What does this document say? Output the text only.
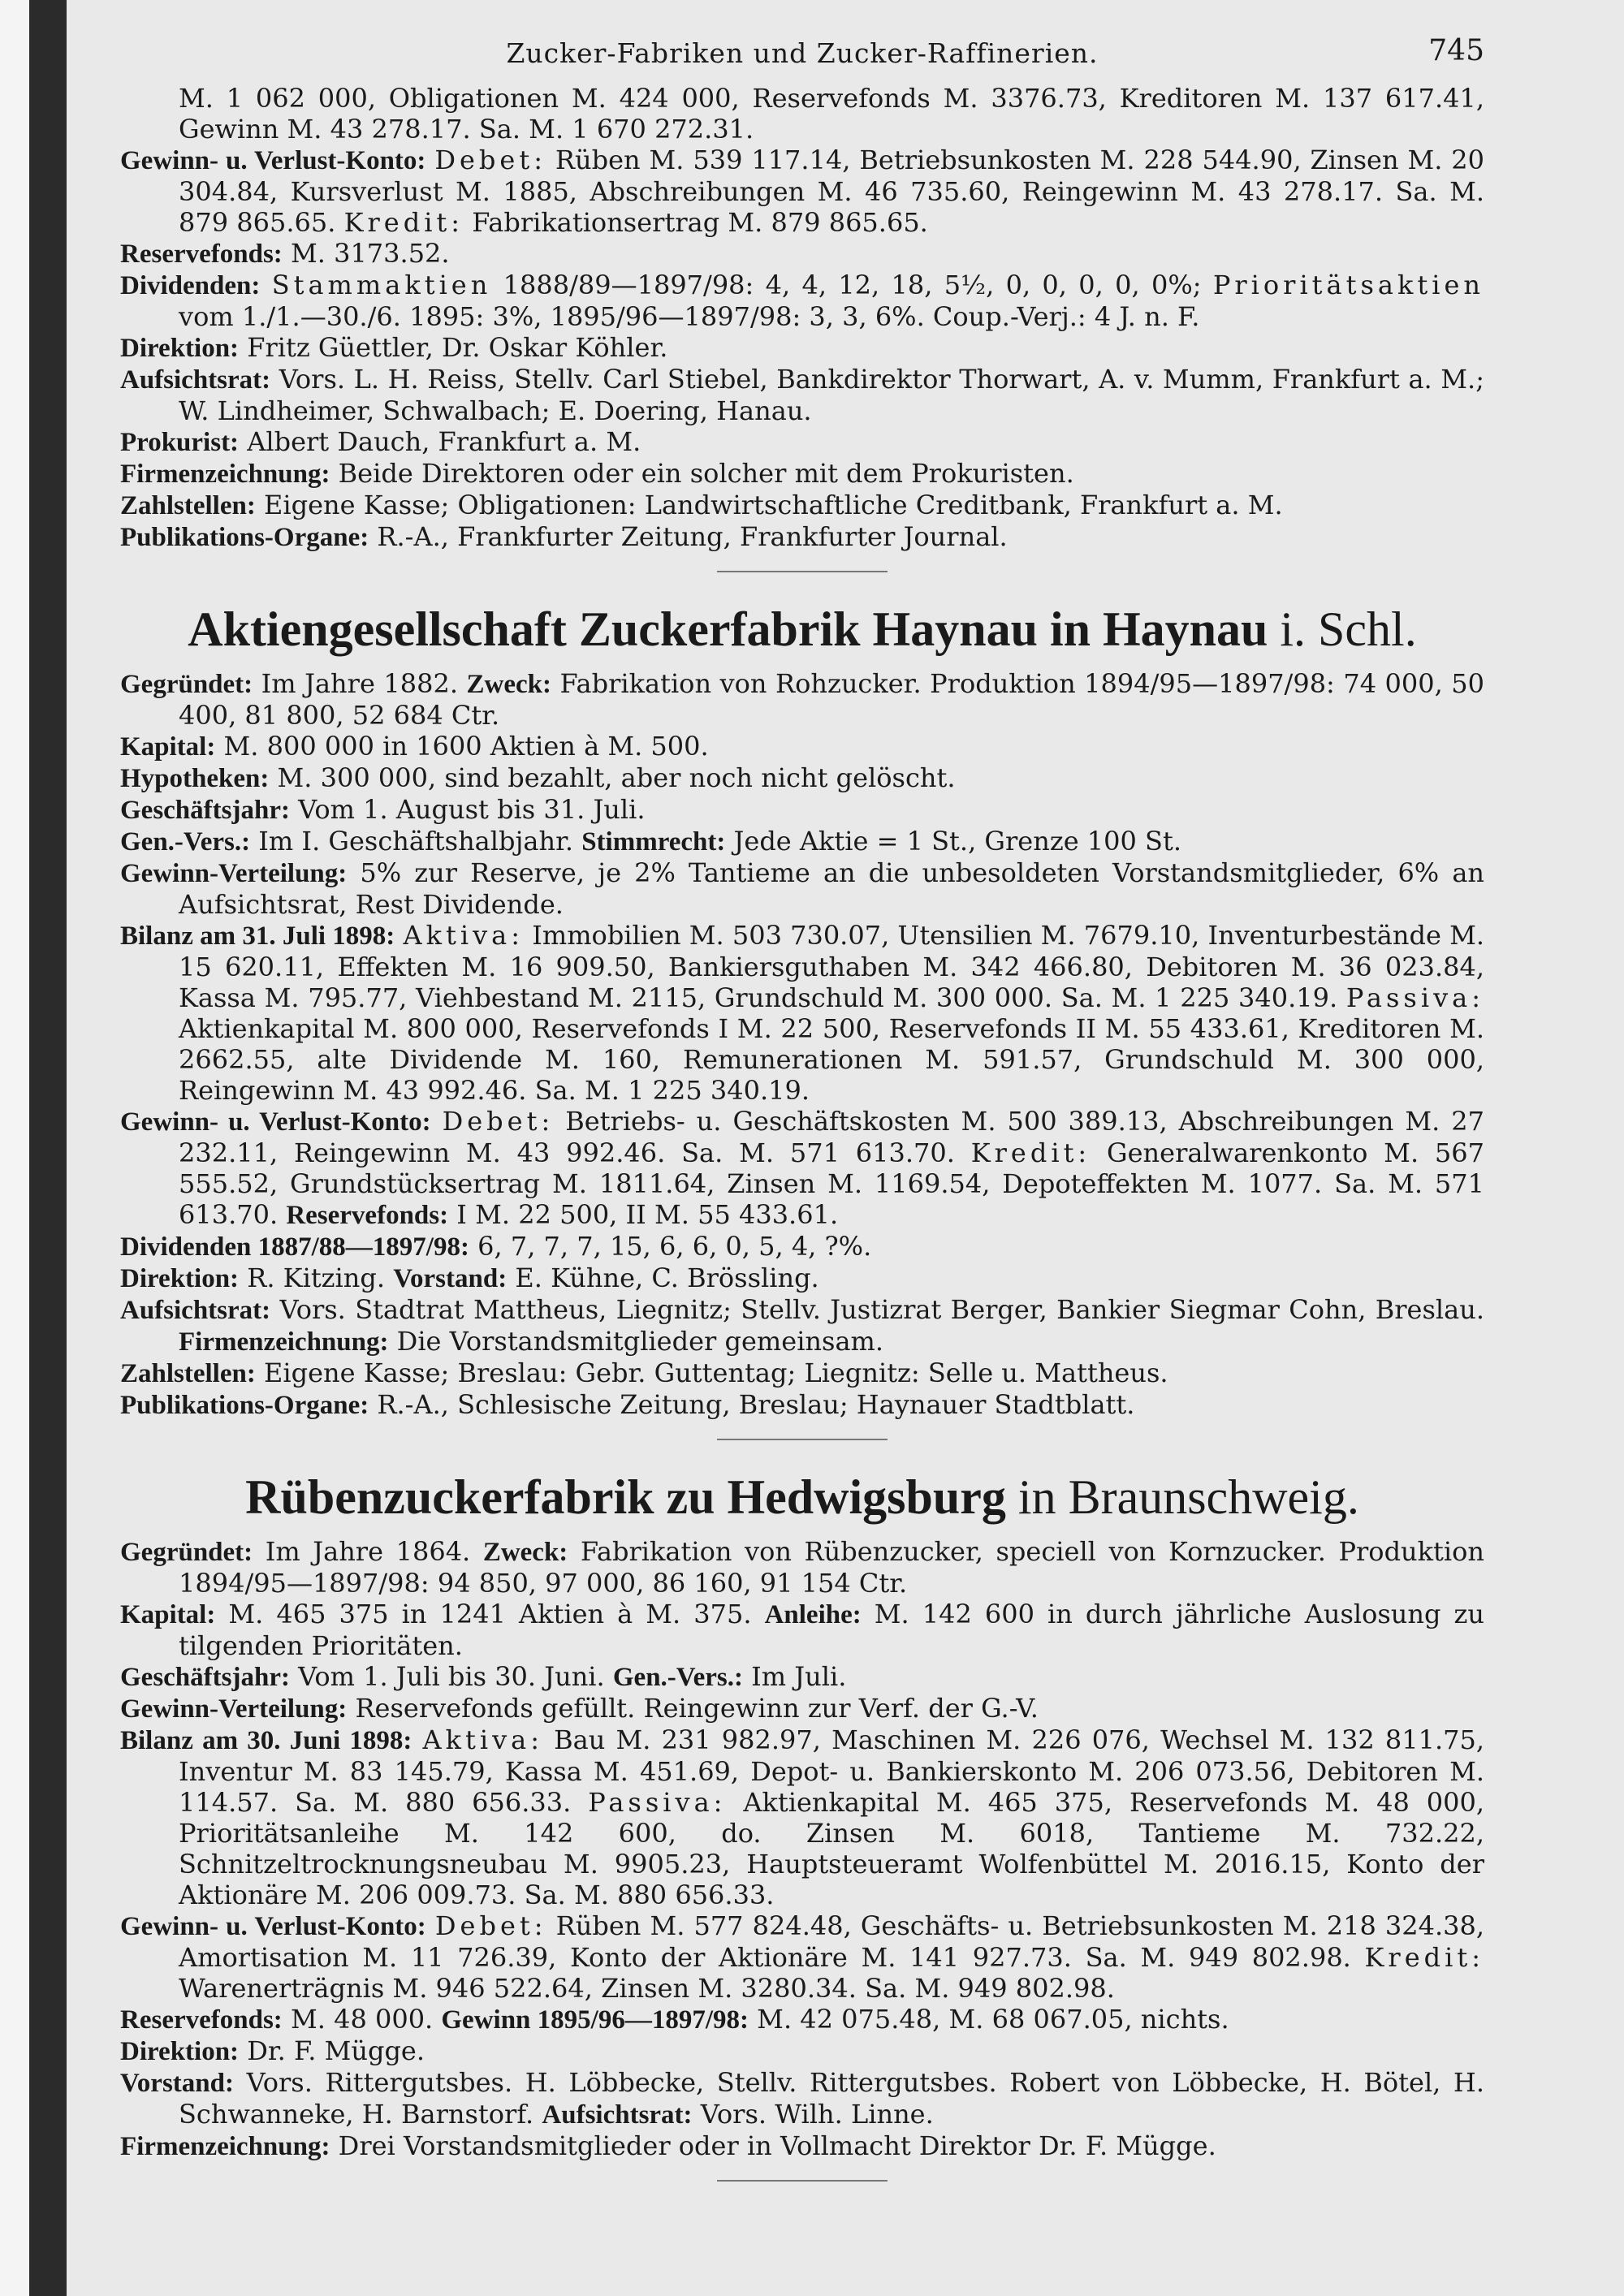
Zucker-Fabriken und Zucker-Raffinerien.	745

M. 1 062 000, Obligationen M. 424 000, Reservefonds M. 3376.73, Kreditoren M. 137 617.41, Gewinn M. 43 278.17. Sa. M. 1 670 272.31.

Gewinn- u. Verlust-Konto: Debet: Rüben M. 539 117.14, Betriebsunkosten M. 228 544.90, Zinsen M. 20 304.84, Kursverlust M. 1885, Abschreibungen M. 46 735.60, Reingewinn M. 43 278.17. Sa. M. 879 865.65. Kredit: Fabrikationsertrag M. 879 865.65.

Reservefonds: M. 3173.52.

Dividenden: Stammaktien 1888/89—1897/98: 4, 4, 12, 18, 5½, 0, 0, 0, 0, 0%; Prioritätsaktien vom 1./1.—30./6. 1895: 3%, 1895/96—1897/98: 3, 3, 6%. Coup.-Verj.: 4 J. n. F.

Direktion: Fritz Güettler, Dr. Oskar Köhler.

Aufsichtsrat: Vors. L. H. Reiss, Stellv. Carl Stiebel, Bankdirektor Thorwart, A. v. Mumm, Frankfurt a. M.; W. Lindheimer, Schwalbach; E. Doering, Hanau.

Prokurist: Albert Dauch, Frankfurt a. M.

Firmenzeichnung: Beide Direktoren oder ein solcher mit dem Prokuristen.

Zahlstellen: Eigene Kasse; Obligationen: Landwirtschaftliche Creditbank, Frankfurt a. M.

Publikations-Organe: R.-A., Frankfurter Zeitung, Frankfurter Journal.

Aktiengesellschaft Zuckerfabrik Haynau in Haynau i. Schl.

Gegründet: Im Jahre 1882. Zweck: Fabrikation von Rohzucker. Produktion 1894/95—1897/98: 74 000, 50 400, 81 800, 52 684 Ctr.

Kapital: M. 800 000 in 1600 Aktien à M. 500.

Hypotheken: M. 300 000, sind bezahlt, aber noch nicht gelöscht.

Geschäftsjahr: Vom 1. August bis 31. Juli.

Gen.-Vers.: Im I. Geschäftshalbjahr. Stimmrecht: Jede Aktie = 1 St., Grenze 100 St.

Gewinn-Verteilung: 5% zur Reserve, je 2% Tantieme an die unbesoldeten Vorstandsmitglieder, 6% an Aufsichtsrat, Rest Dividende.

Bilanz am 31. Juli 1898: Aktiva: Immobilien M. 503 730.07, Utensilien M. 7679.10, Inventurbestände M. 15 620.11, Effekten M. 16 909.50, Bankiersguthaben M. 342 466.80, Debitoren M. 36 023.84, Kassa M. 795.77, Viehbestand M. 2115, Grundschuld M. 300 000. Sa. M. 1 225 340.19. Passiva: Aktienkapital M. 800 000, Reservefonds I M. 22 500, Reservefonds II M. 55 433.61, Kreditoren M. 2662.55, alte Dividende M. 160, Remunerationen M. 591.57, Grundschuld M. 300 000, Reingewinn M. 43 992.46. Sa. M. 1 225 340.19.

Gewinn- u. Verlust-Konto: Debet: Betriebs- u. Geschäftskosten M. 500 389.13, Abschreibungen M. 27 232.11, Reingewinn M. 43 992.46. Sa. M. 571 613.70. Kredit: Generalwarenkonto M. 567 555.52, Grundstücksertrag M. 1811.64, Zinsen M. 1169.54, Depoteffekten M. 1077. Sa. M. 571 613.70. Reservefonds: I M. 22 500, II M. 55 433.61.

Dividenden 1887/88—1897/98: 6, 7, 7, 7, 15, 6, 6, 0, 5, 4, ?%.

Direktion: R. Kitzing. Vorstand: E. Kühne, C. Brössling.

Aufsichtsrat: Vors. Stadtrat Mattheus, Liegnitz; Stellv. Justizrat Berger, Bankier Siegmar Cohn, Breslau. Firmenzeichnung: Die Vorstandsmitglieder gemeinsam.

Zahlstellen: Eigene Kasse; Breslau: Gebr. Guttentag; Liegnitz: Selle u. Mattheus.

Publikations-Organe: R.-A., Schlesische Zeitung, Breslau; Haynauer Stadtblatt.

Rübenzuckerfabrik zu Hedwigsburg in Braunschweig.

Gegründet: Im Jahre 1864. Zweck: Fabrikation von Rübenzucker, speciell von Kornzucker. Produktion 1894/95—1897/98: 94 850, 97 000, 86 160, 91 154 Ctr.

Kapital: M. 465 375 in 1241 Aktien à M. 375. Anleihe: M. 142 600 in durch jährliche Auslosung zu tilgenden Prioritäten.

Geschäftsjahr: Vom 1. Juli bis 30. Juni. Gen.-Vers.: Im Juli.

Gewinn-Verteilung: Reservefonds gefüllt. Reingewinn zur Verf. der G.-V.

Bilanz am 30. Juni 1898: Aktiva: Bau M. 231 982.97, Maschinen M. 226 076, Wechsel M. 132 811.75, Inventur M. 83 145.79, Kassa M. 451.69, Depot- u. Bankierskonto M. 206 073.56, Debitoren M. 114.57. Sa. M. 880 656.33. Passiva: Aktienkapital M. 465 375, Reservefonds M. 48 000, Prioritätsanleihe M. 142 600, do. Zinsen M. 6018, Tantieme M. 732.22, Schnitzeltrocknungsneubau M. 9905.23, Hauptsteueramt Wolfenbüttel M. 2016.15, Konto der Aktionäre M. 206 009.73. Sa. M. 880 656.33.

Gewinn- u. Verlust-Konto: Debet: Rüben M. 577 824.48, Geschäfts- u. Betriebsunkosten M. 218 324.38, Amortisation M. 11 726.39, Konto der Aktionäre M. 141 927.73. Sa. M. 949 802.98. Kredit: Warenerträgnis M. 946 522.64, Zinsen M. 3280.34. Sa. M. 949 802.98.

Reservefonds: M. 48 000. Gewinn 1895/96—1897/98: M. 42 075.48, M. 68 067.05, nichts.

Direktion: Dr. F. Mügge.

Vorstand: Vors. Rittergutsbes. H. Löbbecke, Stellv. Rittergutsbes. Robert von Löbbecke, H. Bötel, H. Schwanneke, H. Barnstorf. Aufsichtsrat: Vors. Wilh. Linne.

Firmenzeichnung: Drei Vorstandsmitglieder oder in Vollmacht Direktor Dr. F. Mügge.
